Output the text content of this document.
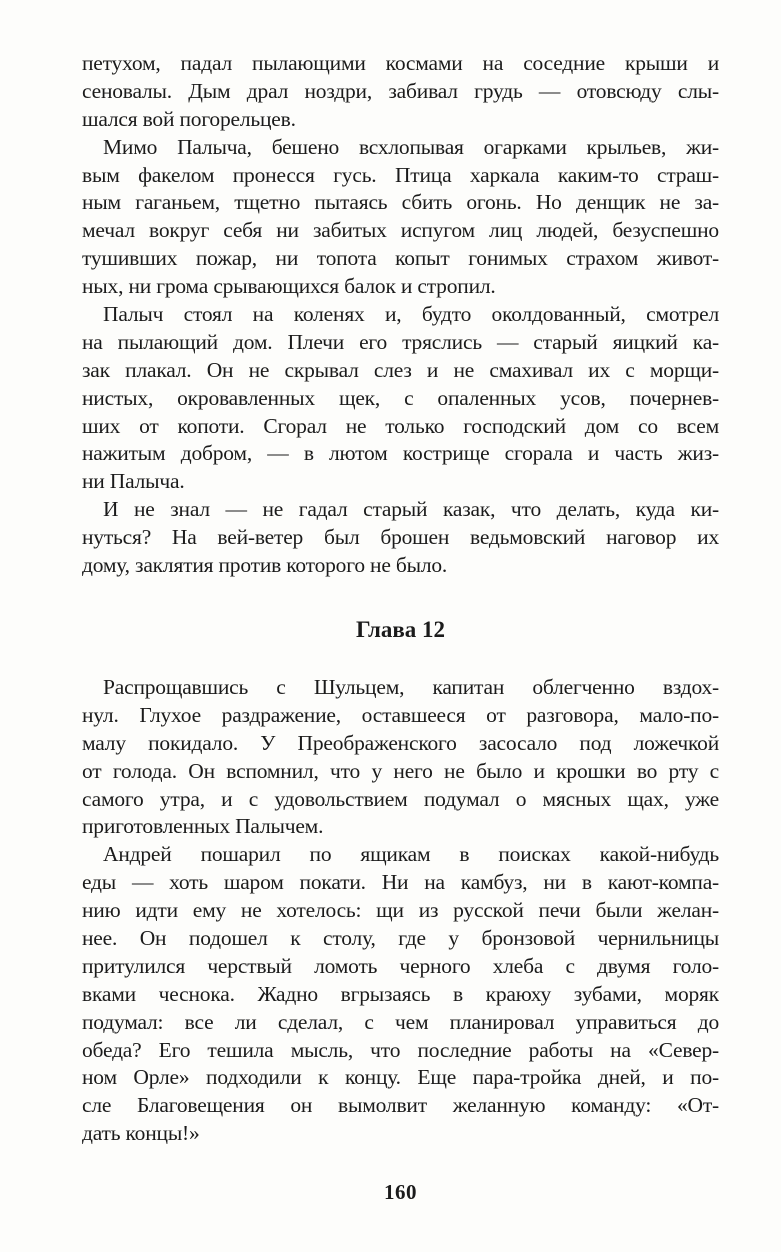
петухом, падал пылающими космами на соседние крыши и
сеновалы. Дым драл ноздри, забивал грудь — отовсюду слы-
шался вой погорельцев.
Мимо Палыча, бешено всхлопывая огарками крыльев, жи-
вым факелом пронесся гусь. Птица харкала каким-то страш-
ным гаганьем, тщетно пытаясь сбить огонь. Но денщик не за-
мечал вокруг себя ни забитых испугом лиц людей, безуспешно
тушивших пожар, ни топота копыт гонимых страхом живот-
ных, ни грома срывающихся балок и стропил.
Палыч стоял на коленях и, будто околдованный, смотрел
на пылающий дом. Плечи его тряслись — старый яицкий ка-
зак плакал. Он не скрывал слез и не смахивал их с морщи-
нистых, окровавленных щек, с опаленных усов, почернев-
ших от копоти. Сгорал не только господский дом со всем
нажитым добром, — в лютом кострище сгорала и часть жиз-
ни Палыча.
И не знал — не гадал старый казак, что делать, куда ки-
нуться? На вей-ветер был брошен ведьмовский наговор их
дому, заклятия против которого не было.
Глава 12
Распрощавшись с Шульцем, капитан облегченно вздох-
нул. Глухое раздражение, оставшееся от разговора, мало-по-
малу покидало. У Преображенского засосало под ложечкой
от голода. Он вспомнил, что у него не было и крошки во рту с
самого утра, и с удовольствием подумал о мясных щах, уже
приготовленных Палычем.
Андрей пошарил по ящикам в поисках какой-нибудь
еды — хоть шаром покати. Ни на камбуз, ни в кают-компа-
нию идти ему не хотелось: щи из русской печи были желан-
нее. Он подошел к столу, где у бронзовой чернильницы
притулился черствый ломоть черного хлеба с двумя голо-
вками чеснока. Жадно вгрызаясь в краюху зубами, моряк
подумал: все ли сделал, с чем планировал управиться до
обеда? Его тешила мысль, что последние работы на «Север-
ном Орле» подходили к концу. Еще пара-тройка дней, и по-
сле Благовещения он вымолвит желанную команду: «От-
дать концы!»
160
